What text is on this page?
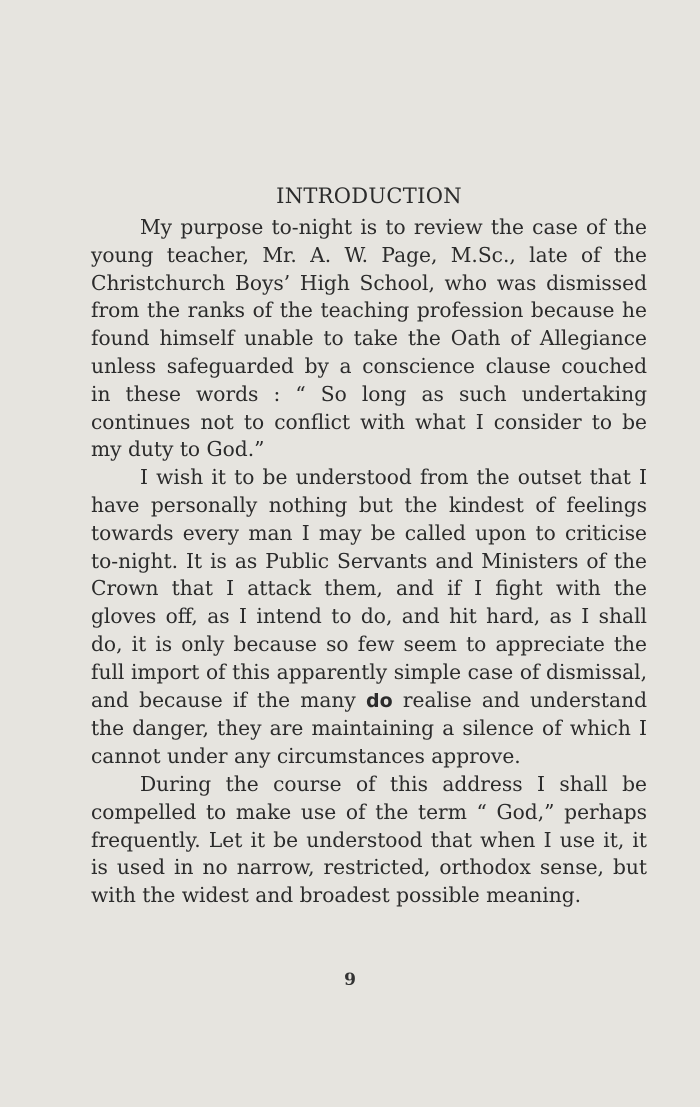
INTRODUCTION

My purpose to-night is to review the case of the young teacher, Mr. A. W. Page, M.Sc., late of the Christchurch Boys’ High School, who was dismissed from the ranks of the teaching profession because he found himself unable to take the Oath of Allegiance unless safeguarded by a conscience clause couched in these words : “ So long as such undertaking continues not to conflict with what I consider to be my duty to God.”

I wish it to be understood from the outset that I have personally nothing but the kindest of feelings towards every man I may be called upon to criticise to-night. It is as Public Servants and Ministers of the Crown that I attack them, and if I fight with the gloves off, as I intend to do, and hit hard, as I shall do, it is only because so few seem to appreciate the full import of this apparently simple case of dismissal, and because if the many do realise and understand the danger, they are maintaining a silence of which I cannot under any circumstances approve.

During the course of this address I shall be compelled to make use of the term “ God,” perhaps frequently. Let it be understood that when I use it, it is used in no narrow, restricted, orthodox sense, but with the widest and broadest possible meaning.

9
